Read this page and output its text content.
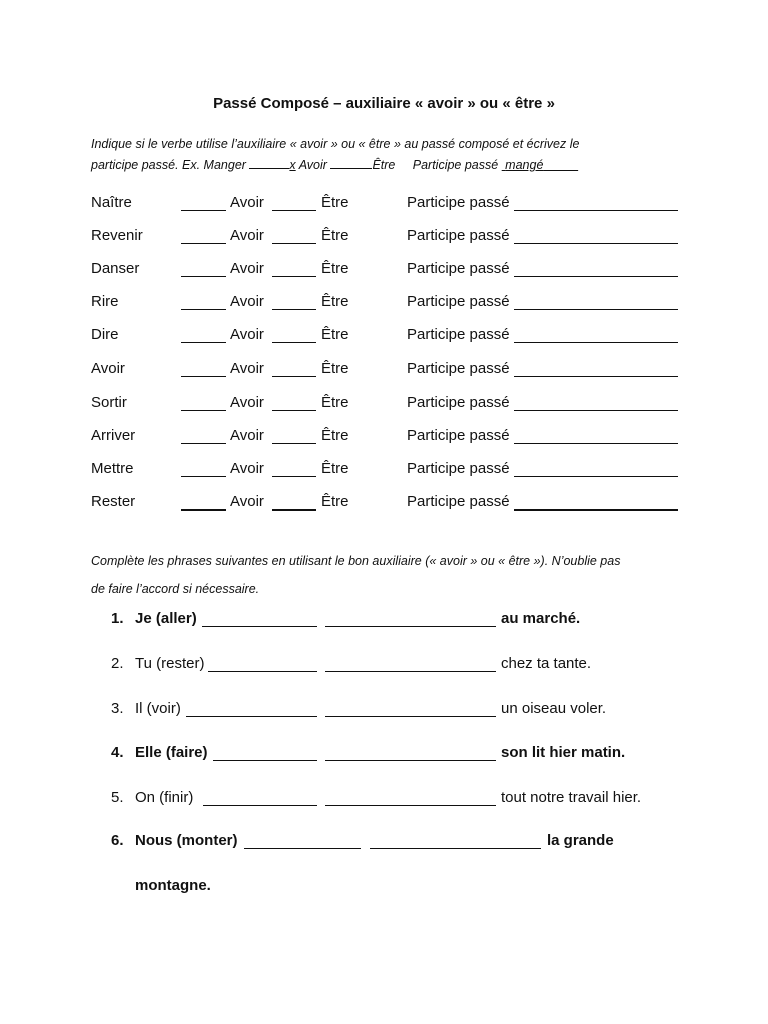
Passé Composé – auxiliaire « avoir » ou « être »
Indique si le verbe utilise l’auxiliaire « avoir » ou « être » au passé composé et écrivez le
participe passé. Ex. Manger	x Avoir	Être Participe passé  mangé
Naître	Avoir	Être	Participe passé
Revenir	Avoir	Être	Participe passé
Danser	Avoir	Être	Participe passé
Rire	Avoir	Être	Participe passé
Dire	Avoir	Être	Participe passé
Avoir	Avoir	Être	Participe passé
Sortir	Avoir	Être	Participe passé
Arriver	Avoir	Être	Participe passé
Mettre	Avoir	Être	Participe passé
Rester	Avoir	Être	Participe passé
Complète les phrases suivantes en utilisant le bon auxiliaire (« avoir » ou « être »). N’oublie pas
de faire l’accord si nécessaire.
1. Je (aller)	au marché.
2. Tu (rester)	chez ta tante.
3. Il (voir)	un oiseau voler.
4. Elle (faire)	son lit hier matin.
5. On (finir)	tout notre travail hier.
6. Nous (monter)	la grande
montagne.
